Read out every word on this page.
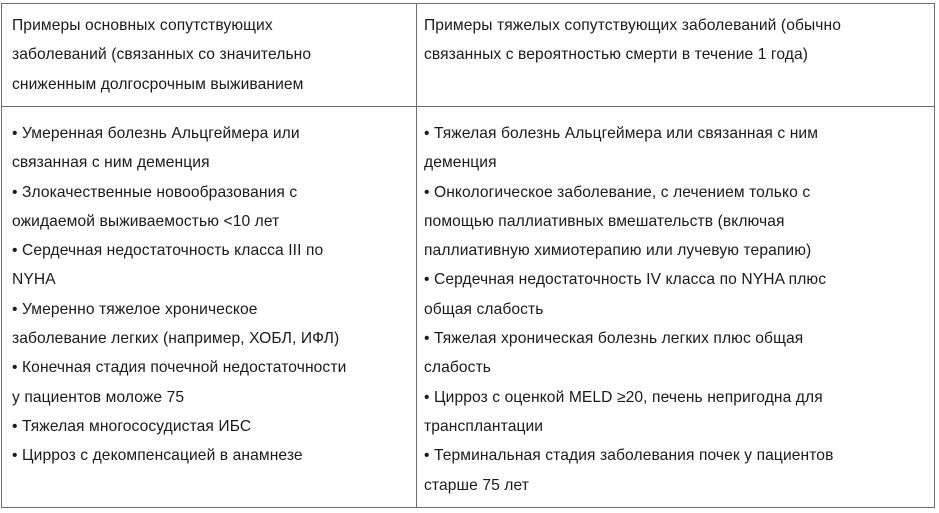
Примеры основных сопутствующих
заболеваний (связанных со значительно
сниженным долгосрочным выживанием
Примеры тяжелых сопутствующих заболеваний (обычно
связанных с вероятностью смерти в течение 1 года)
• Умеренная болезнь Альцгеймера или
связанная с ним деменция
• Злокачественные новообразования с
ожидаемой выживаемостью <10 лет
• Сердечная недостаточность класса III по
NYHA
• Умеренно тяжелое хроническое
заболевание легких (например, ХОБЛ, ИФЛ)
• Конечная стадия почечной недостаточности
у пациентов моложе 75
• Тяжелая многососудистая ИБС
• Цирроз с декомпенсацией в анамнезе
• Тяжелая болезнь Альцгеймера или связанная с ним
деменция
• Онкологическое заболевание, с лечением только с
помощью паллиативных вмешательств (включая
паллиативную химиотерапию или лучевую терапию)
• Сердечная недостаточность IV класса по NYHA плюс
общая слабость
• Тяжелая хроническая болезнь легких плюс общая
слабость
• Цирроз с оценкой MELD ≥20, печень непригодна для
трансплантации
• Терминальная стадия заболевания почек у пациентов
старше 75 лет
